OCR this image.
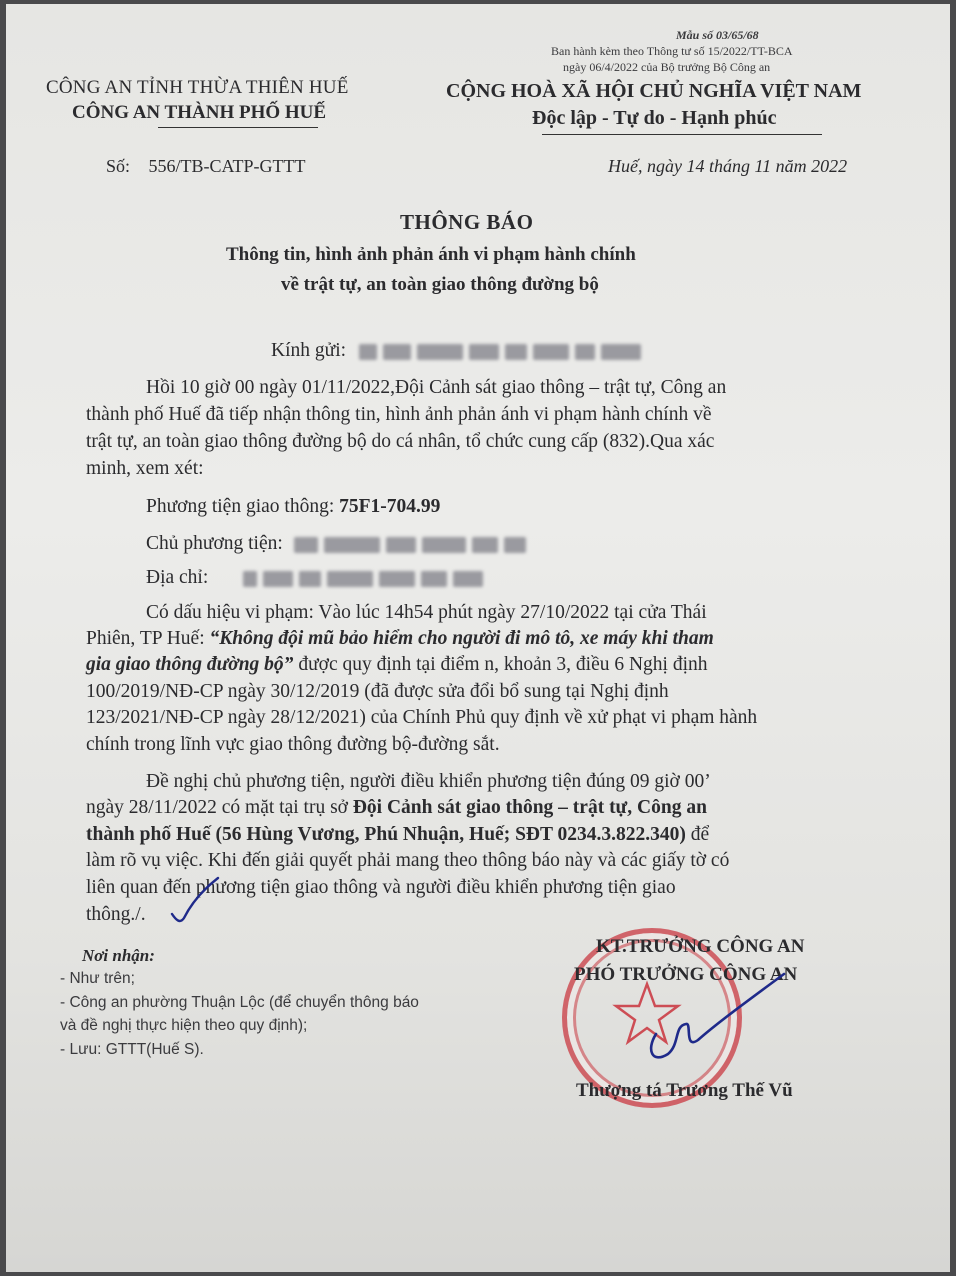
Mẫu số 03/65/68
Ban hành kèm theo Thông tư số 15/2022/TT-BCA
ngày 06/4/2022 của Bộ trưởng Bộ Công an
CÔNG AN TỈNH THỪA THIÊN HUẾ
CÔNG AN THÀNH PHỐ HUẾ
CỘNG HOÀ XÃ HỘI CHỦ NGHĨA VIỆT NAM
Độc lập - Tự do - Hạnh phúc
Số: 556/TB-CATP-GTTT	Huế, ngày 14 tháng 11 năm 2022
THÔNG BÁO
Thông tin, hình ảnh phản ánh vi phạm hành chính
về trật tự, an toàn giao thông đường bộ
Kính gửi:
Hồi 10 giờ 00 ngày 01/11/2022,Đội Cảnh sát giao thông – trật tự, Công an
thành phố Huế đã tiếp nhận thông tin, hình ảnh phản ánh vi phạm hành chính về
trật tự, an toàn giao thông đường bộ do cá nhân, tổ chức cung cấp (832).Qua xác
minh, xem xét:
Phương tiện giao thông: 75F1-704.99
Chủ phương tiện:
Địa chỉ:
Có dấu hiệu vi phạm: Vào lúc 14h54 phút ngày 27/10/2022 tại cửa Thái
Phiên, TP Huế: “Không đội mũ bảo hiểm cho người đi mô tô, xe máy khi tham
gia giao thông đường bộ” được quy định tại điểm n, khoản 3, điều 6 Nghị định
100/2019/NĐ-CP ngày 30/12/2019 (đã được sửa đổi bổ sung tại Nghị định
123/2021/NĐ-CP ngày 28/12/2021) của Chính Phủ quy định về xử phạt vi phạm hành
chính trong lĩnh vực giao thông đường bộ-đường sắt.
Đề nghị chủ phương tiện, người điều khiển phương tiện đúng 09 giờ 00’
ngày 28/11/2022 có mặt tại trụ sở Đội Cảnh sát giao thông – trật tự, Công an
thành phố Huế (56 Hùng Vương, Phú Nhuận, Huế; SĐT 0234.3.822.340) để
làm rõ vụ việc. Khi đến giải quyết phải mang theo thông báo này và các giấy tờ có
liên quan đến phương tiện giao thông và người điều khiển phương tiện giao
thông./.
Nơi nhận:
- Như trên;
- Công an phường Thuận Lộc (để chuyển thông báo
và đề nghị thực hiện theo quy định);
- Lưu: GTTT(Huế S).
KT.TRƯỞNG CÔNG AN
PHÓ TRƯỞNG CÔNG AN
Thượng tá Trương Thế Vũ
